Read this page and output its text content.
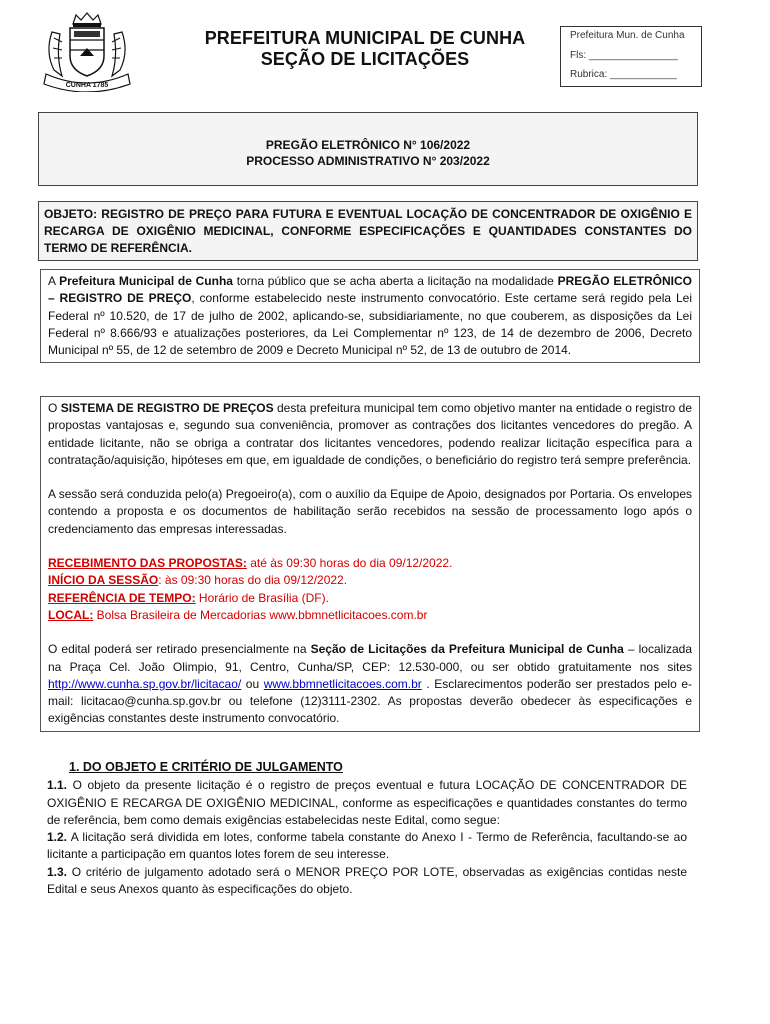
CUNHA 1785
PREFEITURA MUNICIPAL DE CUNHA
SEÇÃO DE LICITAÇÕES
Prefeitura Mun. de Cunha
Fls: ________________
Rubrica: ____________
PREGÃO ELETRÔNICO N° 106/2022
PROCESSO ADMINISTRATIVO N° 203/2022
OBJETO: REGISTRO DE PREÇO PARA FUTURA E EVENTUAL LOCAÇÃO DE CONCENTRADOR DE OXIGÊNIO E RECARGA DE OXIGÊNIO MEDICINAL, CONFORME ESPECIFICAÇÕES E QUANTIDADES CONSTANTES DO TERMO DE REFERÊNCIA.
A Prefeitura Municipal de Cunha torna público que se acha aberta a licitação na modalidade PREGÃO ELETRÔNICO – REGISTRO DE PREÇO, conforme estabelecido neste instrumento convocatório. Este certame será regido pela Lei Federal nº 10.520, de 17 de julho de 2002, aplicando-se, subsidiariamente, no que couberem, as disposições da Lei Federal nº 8.666/93 e atualizações posteriores, da Lei Complementar nº 123, de 14 de dezembro de 2006, Decreto Municipal nº 55, de 12 de setembro de 2009 e Decreto Municipal nº 52, de 13 de outubro de 2014.

O SISTEMA DE REGISTRO DE PREÇOS desta prefeitura municipal tem como objetivo manter na entidade o registro de propostas vantajosas e, segundo sua conveniência, promover as contrações dos licitantes vencedores do pregão. A entidade licitante, não se obriga a contratar dos licitantes vencedores, podendo realizar licitação específica para a contratação/aquisição, hipóteses em que, em igualdade de condições, o beneficiário do registro terá sempre preferência.

A sessão será conduzida pelo(a) Pregoeiro(a), com o auxílio da Equipe de Apoio, designados por Portaria. Os envelopes contendo a proposta e os documentos de habilitação serão recebidos na sessão de processamento logo após o credenciamento das empresas interessadas.

RECEBIMENTO DAS PROPOSTAS: até às 09:30 horas do dia 09/12/2022.

INÍCIO DA SESSÃO: às 09:30 horas do dia 09/12/2022.

REFERÊNCIA DE TEMPO: Horário de Brasília (DF).

LOCAL: Bolsa Brasileira de Mercadorias www.bbmnetlicitacoes.com.br

O edital poderá ser retirado presencialmente na Seção de Licitações da Prefeitura Municipal de Cunha – localizada na Praça Cel. João Olimpio, 91, Centro, Cunha/SP, CEP: 12.530-000, ou ser obtido gratuitamente nos sites http://www.cunha.sp.gov.br/licitacao/ ou www.bbmnetlicitacoes.com.br . Esclarecimentos poderão ser prestados pelo e-mail: licitacao@cunha.sp.gov.br ou telefone (12)3111-2302. As propostas deverão obedecer às especificações e exigências constantes deste instrumento convocatório.

1. DO OBJETO E CRITÉRIO DE JULGAMENTO

1.1. O objeto da presente licitação é o registro de preços eventual e futura LOCAÇÃO DE CONCENTRADOR DE OXIGÊNIO E RECARGA DE OXIGÊNIO MEDICINAL, conforme as especificações e quantidades constantes do termo de referência, bem como demais exigências estabelecidas neste Edital, como segue:

1.2. A licitação será dividida em lotes, conforme tabela constante do Anexo I - Termo de Referência, facultando-se ao licitante a participação em quantos lotes forem de seu interesse.

1.3. O critério de julgamento adotado será o MENOR PREÇO POR LOTE, observadas as exigências contidas neste Edital e seus Anexos quanto às especificações do objeto.
